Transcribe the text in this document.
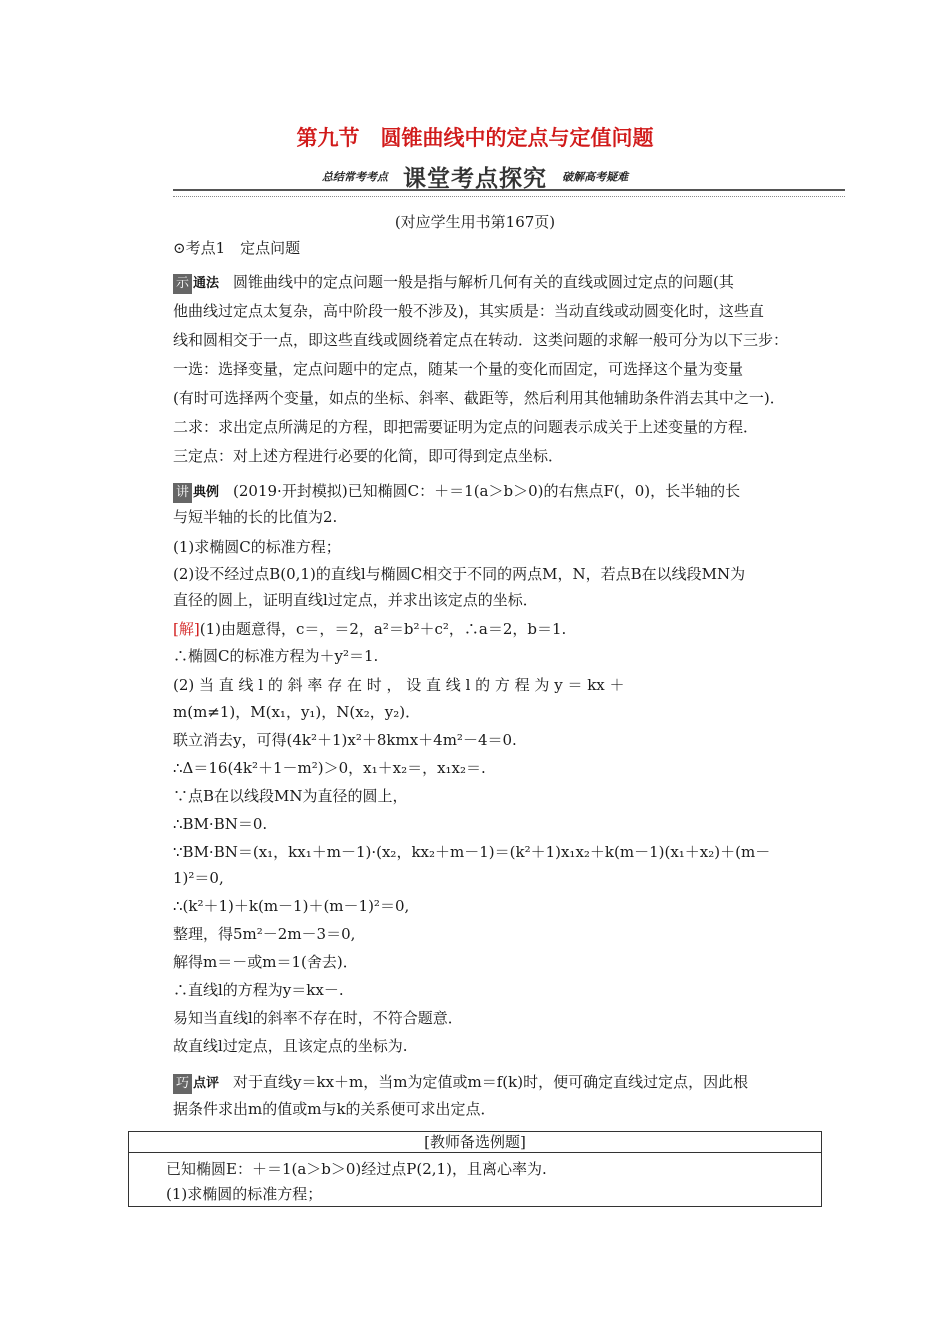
第九节　圆锥曲线中的定点与定值问题
总结常考考点 课堂考点探究 破解高考疑难
(对应学生用书第167页)
⊙考点1　定点问题
示 通法 圆锥曲线中的定点问题一般是指与解析几何有关的直线或圆过定点的问题(其
他曲线过定点太复杂，高中阶段一般不涉及)，其实质是：当动直线或动圆变化时，这些直
线和圆相交于一点，即这些直线或圆绕着定点在转动．这类问题的求解一般可分为以下三步：
一选：选择变量，定点问题中的定点，随某一个量的变化而固定，可选择这个量为变量
(有时可选择两个变量，如点的坐标、斜率、截距等，然后利用其他辅助条件消去其中之一)．
二求：求出定点所满足的方程，即把需要证明为定点的问题表示成关于上述变量的方程．
三定点：对上述方程进行必要的化简，即可得到定点坐标．
讲 典例 (2019·开封模拟)已知椭圆C：＋＝1(a＞b＞0)的右焦点F(，0)，长半轴的长
与短半轴的长的比值为2.
(1)求椭圆C的标准方程；
(2)设不经过点B(0,1)的直线l与椭圆C相交于不同的两点M，N，若点B在以线段MN为
直径的圆上，证明直线l过定点，并求出该定点的坐标．
[解](1)由题意得，c＝，＝2，a²＝b²＋c²，∴a＝2，b＝1.
∴椭圆C的标准方程为＋y²＝1.
(2) 当 直 线 l 的 斜 率 存 在 时 ， 设 直 线 l 的 方 程 为 y ＝ kx ＋
m(m≠1)，M(x₁，y₁)，N(x₂，y₂)．
联立消去y，可得(4k²＋1)x²＋8kmx＋4m²－4＝0.
∴Δ＝16(4k²＋1－m²)＞0，x₁＋x₂＝，x₁x₂＝.
∵点B在以线段MN为直径的圆上，
∴BM·BN＝0.
∵BM·BN＝(x₁，kx₁＋m－1)·(x₂，kx₂＋m－1)＝(k²＋1)x₁x₂＋k(m－1)(x₁＋x₂)＋(m－
1)²＝0,
∴(k²＋1)＋k(m－1)＋(m－1)²＝0,
整理，得5m²－2m－3＝0,
解得m＝－或m＝1(舍去)．
∴直线l的方程为y＝kx－.
易知当直线l的斜率不存在时，不符合题意．
故直线l过定点，且该定点的坐标为.
巧 点评 对于直线y＝kx＋m，当m为定值或m＝f(k)时，便可确定直线过定点，因此根
据条件求出m的值或m与k的关系便可求出定点．
[教师备选例题]
已知椭圆E：＋＝1(a＞b＞0)经过点P(2,1)，且离心率为.
(1)求椭圆的标准方程；
